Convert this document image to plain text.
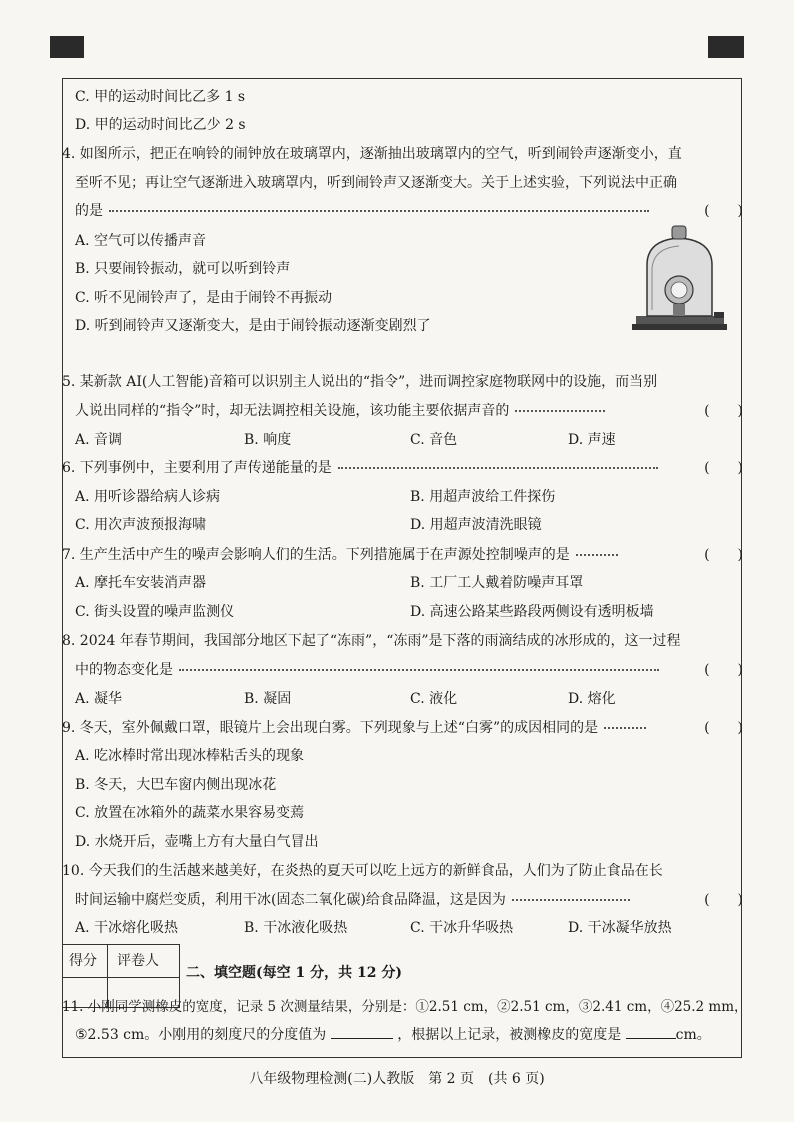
C. 甲的运动时间比乙多 1 s
D. 甲的运动时间比乙少 2 s
4. 如图所示，把正在响铃的闹钟放在玻璃罩内，逐渐抽出玻璃罩内的空气，听到闹铃声逐渐变小，直
至听不见；再让空气逐渐进入玻璃罩内，听到闹铃声又逐渐变大。关于上述实验，下列说法中正确
的是	(　　)
A. 空气可以传播声音
B. 只要闹铃振动，就可以听到铃声
C. 听不见闹铃声了，是由于闹铃不再振动
D. 听到闹铃声又逐渐变大，是由于闹铃振动逐渐变剧烈了
5. 某新款 AI(人工智能)音箱可以识别主人说出的“指令”，进而调控家庭物联网中的设施，而当别
人说出同样的“指令”时，却无法调控相关设施，该功能主要依据声音的	(　　)
A. 音调	B. 响度	C. 音色	D. 声速
6. 下列事例中，主要利用了声传递能量的是	(　　)
A. 用听诊器给病人诊病	B. 用超声波给工件探伤
C. 用次声波预报海啸	D. 用超声波清洗眼镜
7. 生产生活中产生的噪声会影响人们的生活。下列措施属于在声源处控制噪声的是	(　　)
A. 摩托车安装消声器	B. 工厂工人戴着防噪声耳罩
C. 街头设置的噪声监测仪	D. 高速公路某些路段两侧设有透明板墙
8. 2024 年春节期间，我国部分地区下起了“冻雨”，“冻雨”是下落的雨滴结成的冰形成的，这一过程
中的物态变化是	(　　)
A. 凝华	B. 凝固	C. 液化	D. 熔化
9. 冬天，室外佩戴口罩，眼镜片上会出现白雾。下列现象与上述“白雾”的成因相同的是	(　　)
A. 吃冰棒时常出现冰棒粘舌头的现象
B. 冬天，大巴车窗内侧出现冰花
C. 放置在冰箱外的蔬菜水果容易变蔫
D. 水烧开后，壶嘴上方有大量白气冒出
10. 今天我们的生活越来越美好，在炎热的夏天可以吃上远方的新鲜食品，人们为了防止食品在长
时间运输中腐烂变质，利用干冰(固态二氧化碳)给食品降温，这是因为	(　　)
A. 干冰熔化吸热	B. 干冰液化吸热	C. 干冰升华吸热	D. 干冰凝华放热
得分 评卷人
二、填空题(每空 1 分，共 12 分)
11. 小刚同学测橡皮的宽度，记录 5 次测量结果，分别是：①2.51 cm，②2.51 cm，③2.41 cm，④25.2 mm，
⑤2.53 cm。小刚用的刻度尺的分度值为	，根据以上记录，被测橡皮的宽度是	cm。
八年级物理检测(二)人教版　第 2 页　(共 6 页)
